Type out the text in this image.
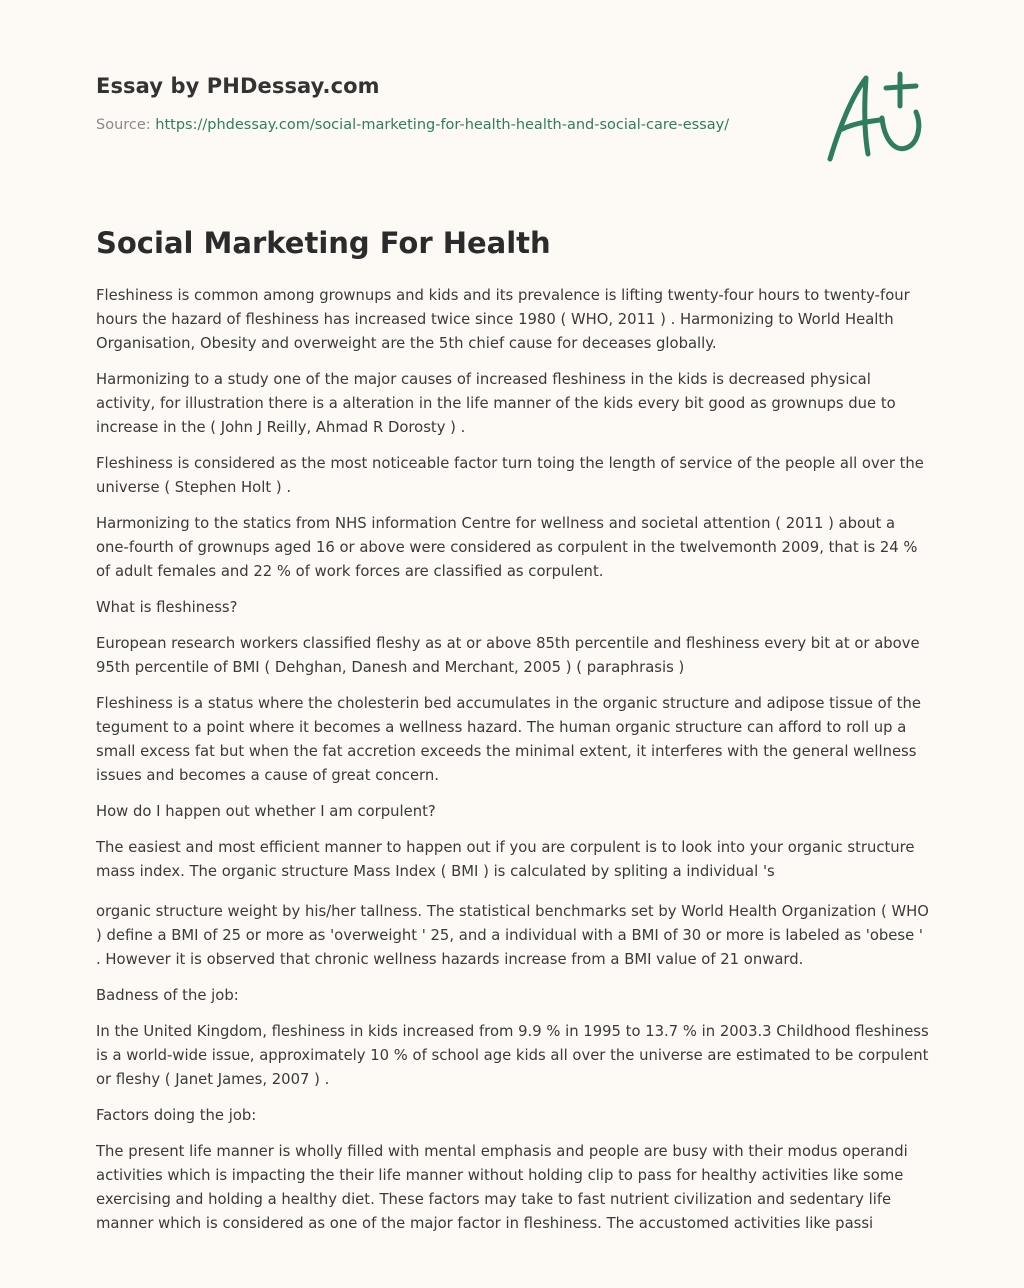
Essay by PHDessay.com

Source: https://phdessay.com/social-marketing-for-health-health-and-social-care-essay/
Social Marketing For Health

Fleshiness is common among grownups and kids and its prevalence is lifting twenty-four hours to twenty-four hours the hazard of fleshiness has increased twice since 1980 ( WHO, 2011 ) . Harmonizing to World Health Organisation, Obesity and overweight are the 5th chief cause for deceases globally.

Harmonizing to a study one of the major causes of increased fleshiness in the kids is decreased physical activity, for illustration there is a alteration in the life manner of the kids every bit good as grownups due to increase in the ( John J Reilly, Ahmad R Dorosty ) .

Fleshiness is considered as the most noticeable factor turn toing the length of service of the people all over the universe ( Stephen Holt ) .

Harmonizing to the statics from NHS information Centre for wellness and societal attention ( 2011 ) about a one-fourth of grownups aged 16 or above were considered as corpulent in the twelvemonth 2009, that is 24 % of adult females and 22 % of work forces are classified as corpulent.

What is fleshiness?

European research workers classified fleshy as at or above 85th percentile and fleshiness every bit at or above 95th percentile of BMI ( Dehghan, Danesh and Merchant, 2005 ) ( paraphrasis )

Fleshiness is a status where the cholesterin bed accumulates in the organic structure and adipose tissue of the tegument to a point where it becomes a wellness hazard. The human organic structure can afford to roll up a small excess fat but when the fat accretion exceeds the minimal extent, it interferes with the general wellness issues and becomes a cause of great concern.

How do I happen out whether I am corpulent?

The easiest and most efficient manner to happen out if you are corpulent is to look into your organic structure mass index. The organic structure Mass Index ( BMI ) is calculated by spliting a individual 's

organic structure weight by his/her tallness. The statistical benchmarks set by World Health Organization ( WHO ) define a BMI of 25 or more as 'overweight ' 25, and a individual with a BMI of 30 or more is labeled as 'obese ' . However it is observed that chronic wellness hazards increase from a BMI value of 21 onward.

Badness of the job:

In the United Kingdom, fleshiness in kids increased from 9.9 % in 1995 to 13.7 % in 2003.3 Childhood fleshiness is a world-wide issue, approximately 10 % of school age kids all over the universe are estimated to be corpulent or fleshy ( Janet James, 2007 ) .

Factors doing the job:

The present life manner is wholly filled with mental emphasis and people are busy with their modus operandi activities which is impacting the their life manner without holding clip to pass for healthy activities like some exercising and holding a healthy diet. These factors may take to fast nutrient civilization and sedentary life manner which is considered as one of the major factor in fleshiness. The accustomed activities like passi
